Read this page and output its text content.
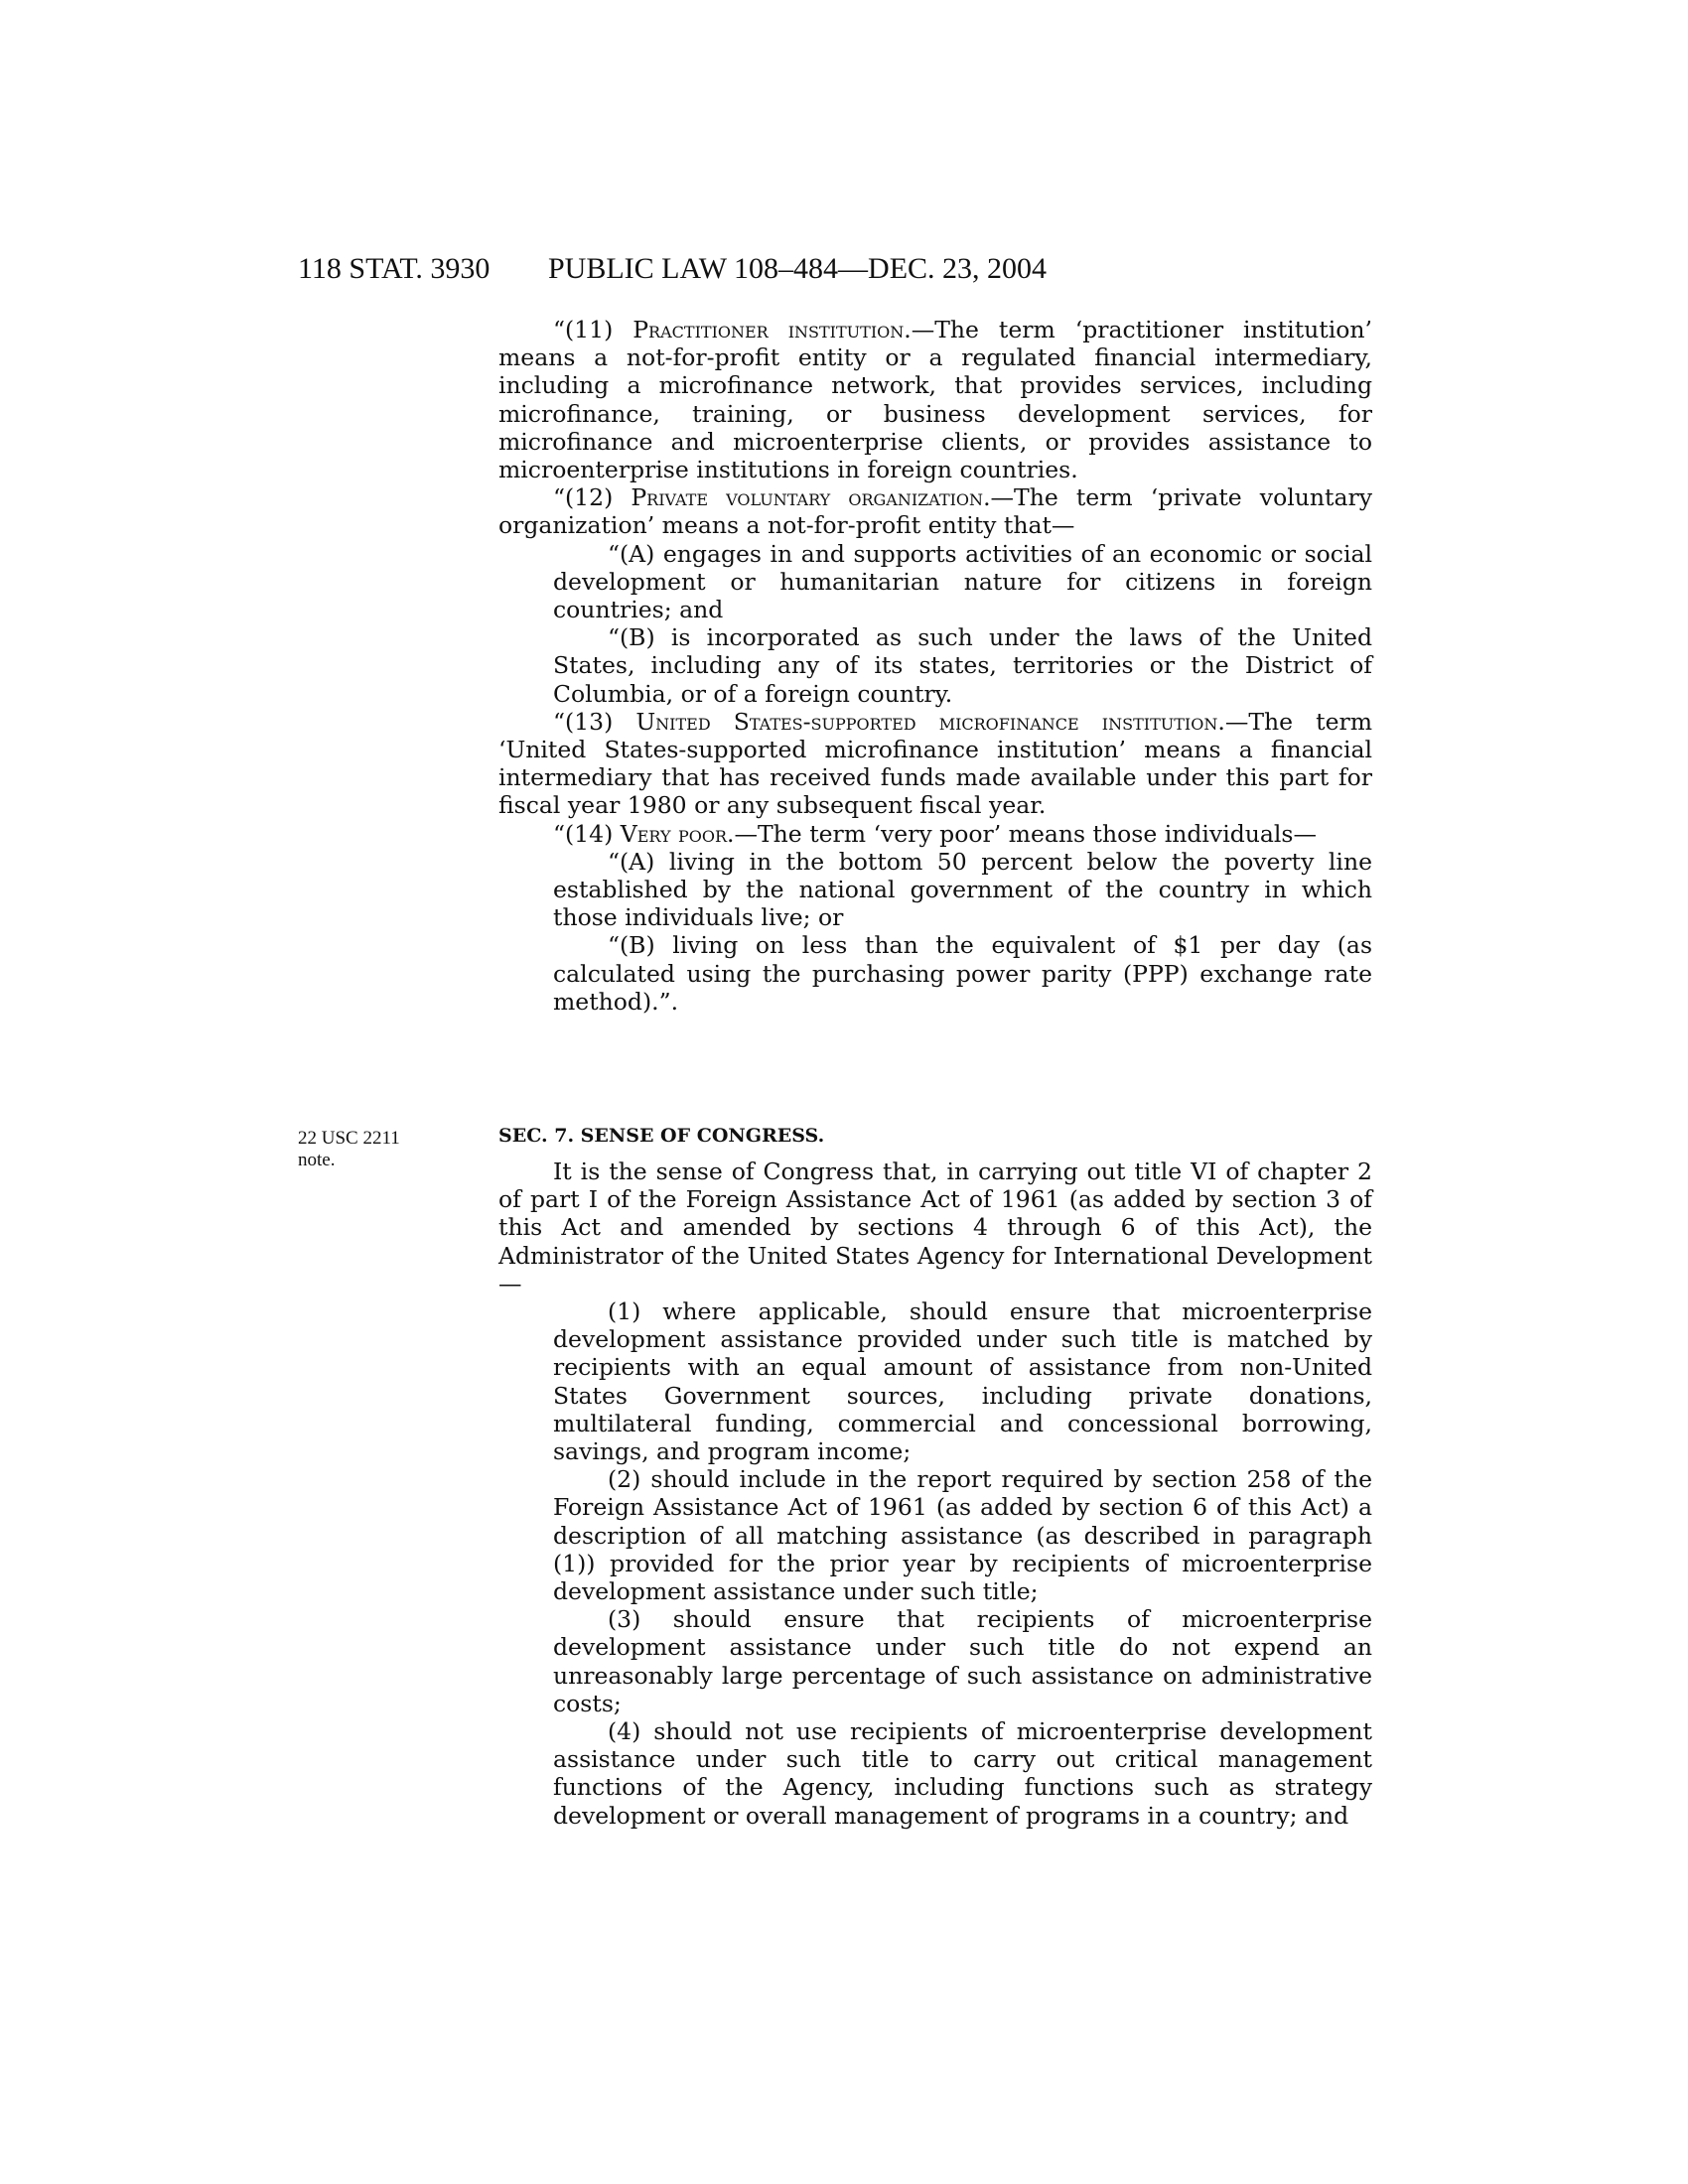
118 STAT. 3930 PUBLIC LAW 108–484—DEC. 23, 2004

“(11) Practitioner institution.—The term ‘practitioner institution’ means a not-for-profit entity or a regulated financial intermediary, including a microfinance network, that provides services, including microfinance, training, or business development services, for microfinance and microenterprise clients, or provides assistance to microenterprise institutions in foreign countries.

“(12) Private voluntary organization.—The term ‘private voluntary organization’ means a not-for-profit entity that—

“(A) engages in and supports activities of an economic or social development or humanitarian nature for citizens in foreign countries; and

“(B) is incorporated as such under the laws of the United States, including any of its states, territories or the District of Columbia, or of a foreign country.

“(13) United States-supported microfinance institution.—The term ‘United States-supported microfinance institution’ means a financial intermediary that has received funds made available under this part for fiscal year 1980 or any subsequent fiscal year.

“(14) Very poor.—The term ‘very poor’ means those individuals—

“(A) living in the bottom 50 percent below the poverty line established by the national government of the country in which those individuals live; or

“(B) living on less than the equivalent of $1 per day (as calculated using the purchasing power parity (PPP) exchange rate method).”.

22 USC 2211
note.

SEC. 7. SENSE OF CONGRESS.

It is the sense of Congress that, in carrying out title VI of chapter 2 of part I of the Foreign Assistance Act of 1961 (as added by section 3 of this Act and amended by sections 4 through 6 of this Act), the Administrator of the United States Agency for International Development—

(1) where applicable, should ensure that microenterprise development assistance provided under such title is matched by recipients with an equal amount of assistance from non-United States Government sources, including private donations, multilateral funding, commercial and concessional borrowing, savings, and program income;

(2) should include in the report required by section 258 of the Foreign Assistance Act of 1961 (as added by section 6 of this Act) a description of all matching assistance (as described in paragraph (1)) provided for the prior year by recipients of microenterprise development assistance under such title;

(3) should ensure that recipients of microenterprise development assistance under such title do not expend an unreasonably large percentage of such assistance on administrative costs;

(4) should not use recipients of microenterprise development assistance under such title to carry out critical management functions of the Agency, including functions such as strategy development or overall management of programs in a country; and
